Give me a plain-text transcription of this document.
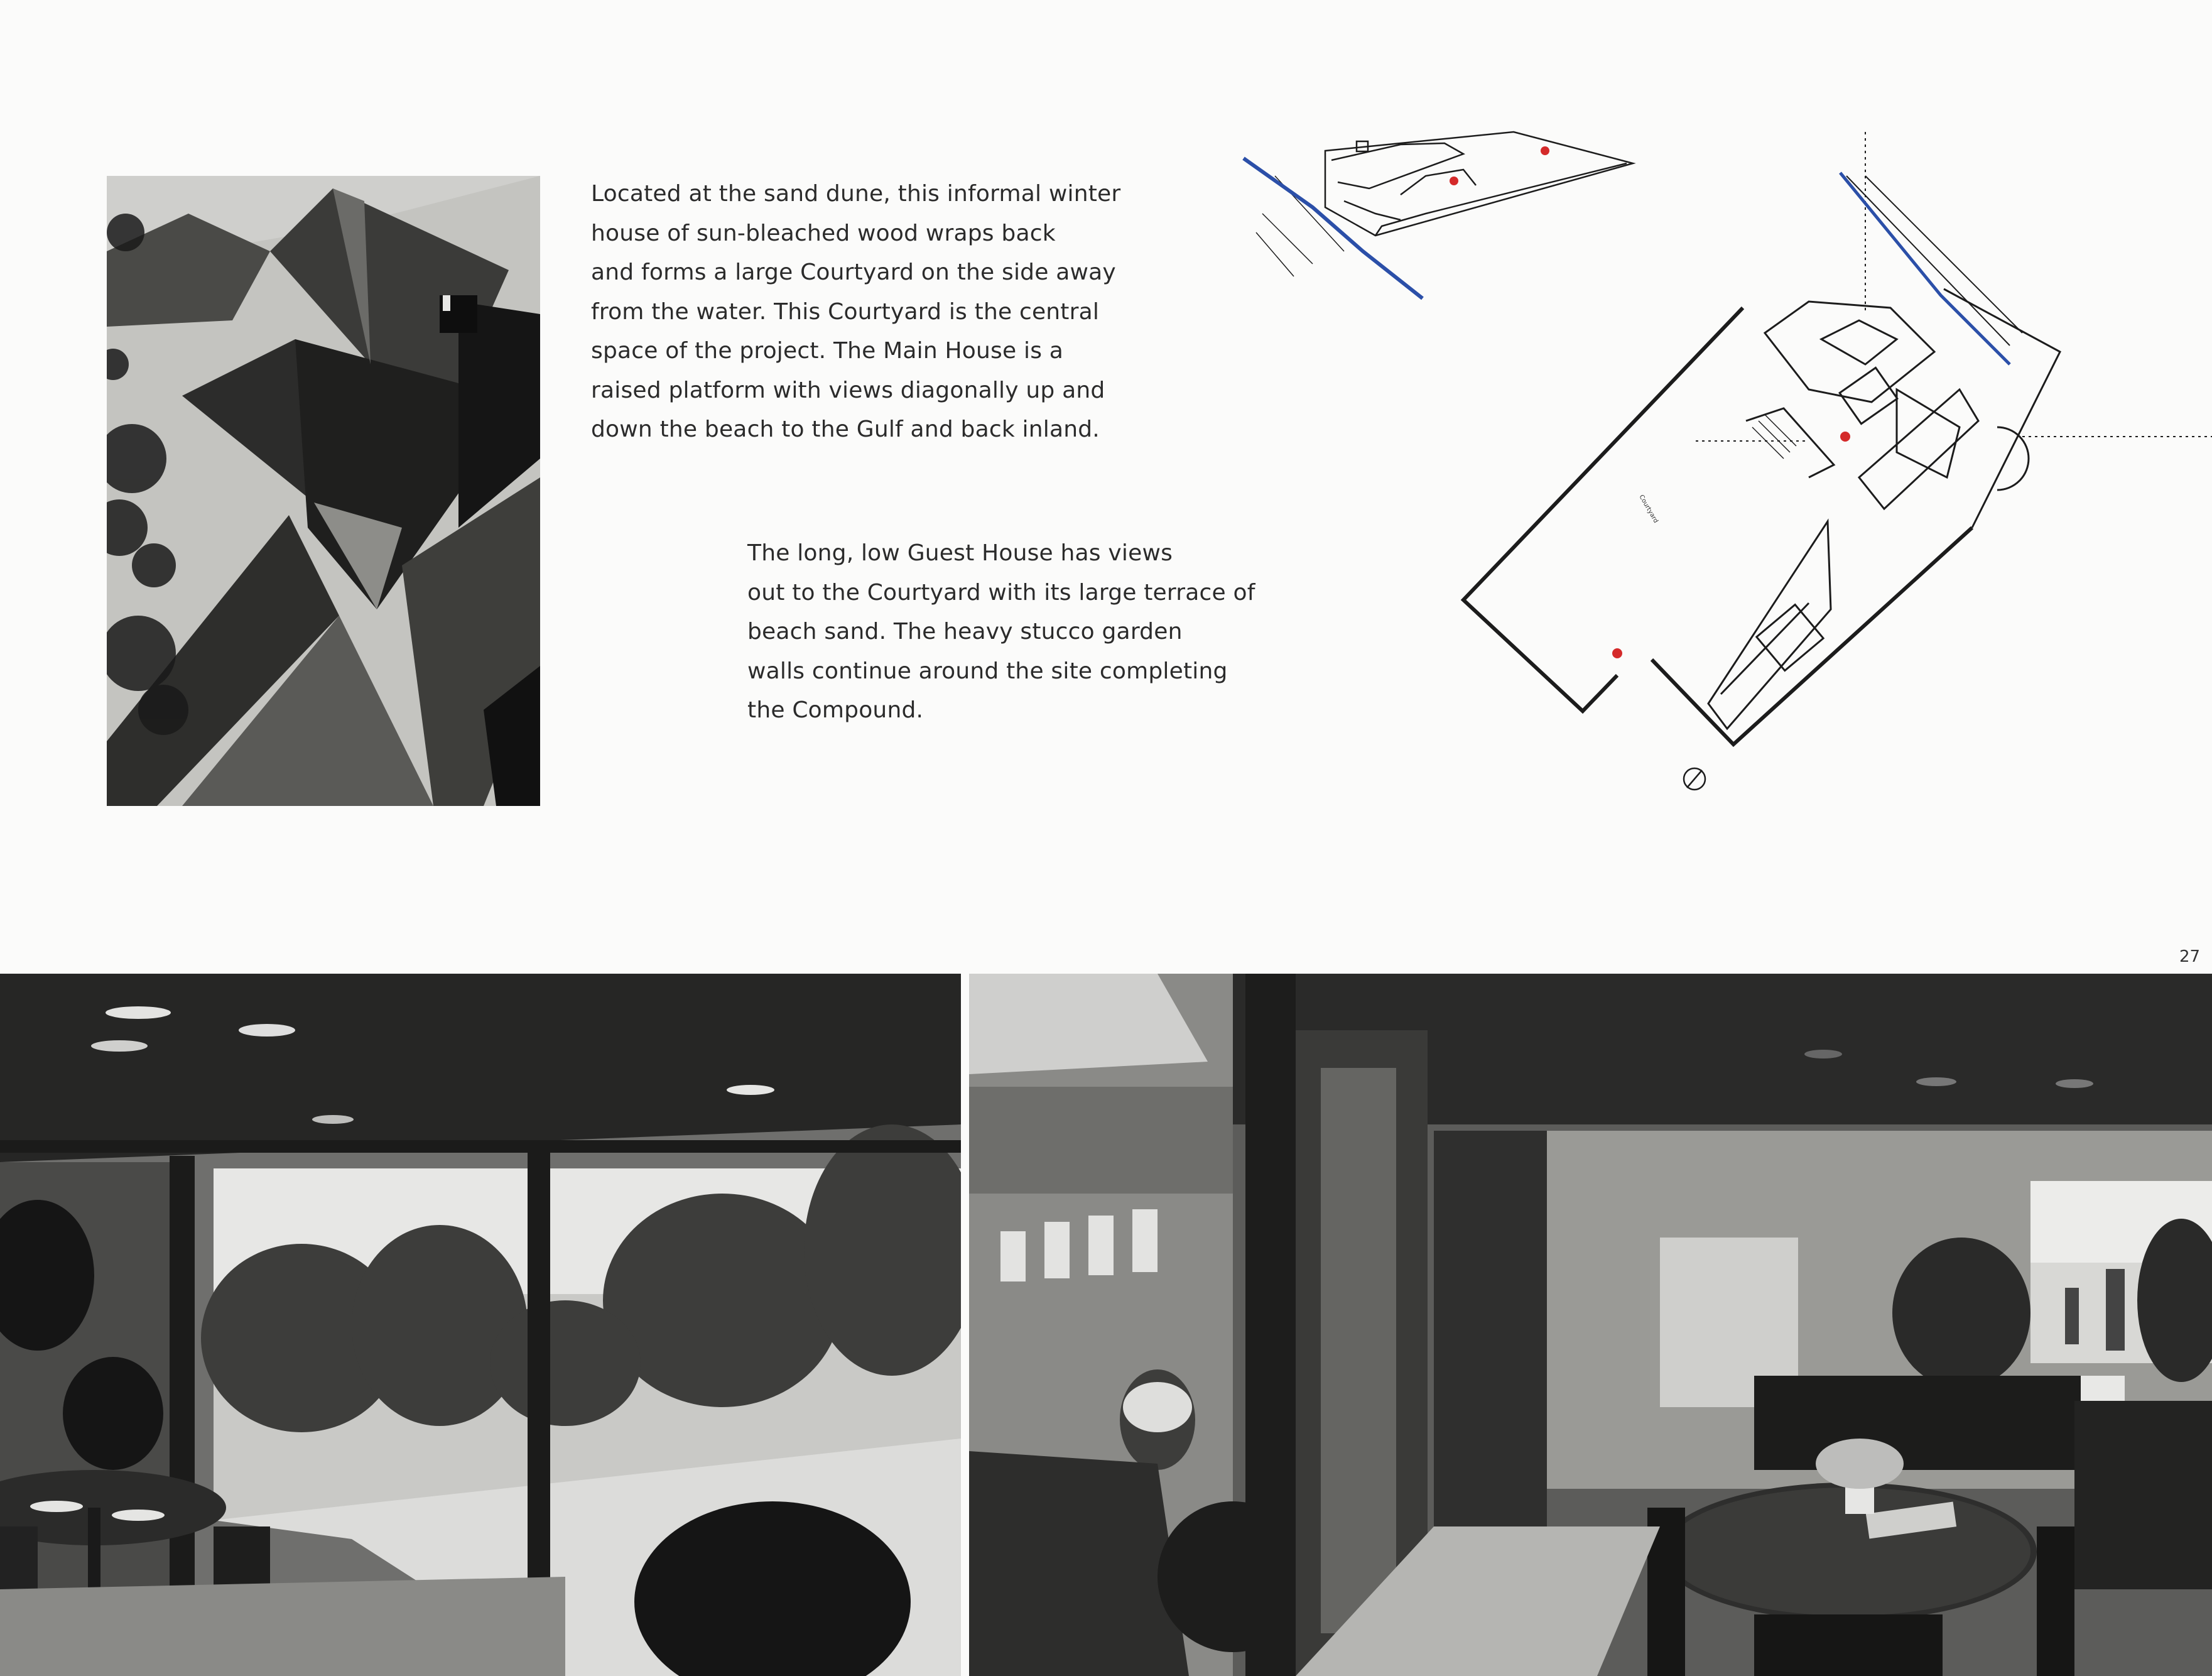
Located at the sand dune, this informal winter
house of sun-bleached wood wraps back
and forms a large Courtyard on the side away
from the water. This Courtyard is the central
space of the project. The Main House is a
raised platform with views diagonally up and
down the beach to the Gulf and back inland.
The long, low Guest House has views
out to the Courtyard with its large terrace of
beach sand. The heavy stucco garden
walls continue around the site completing
the Compound.
Courtyard
27
